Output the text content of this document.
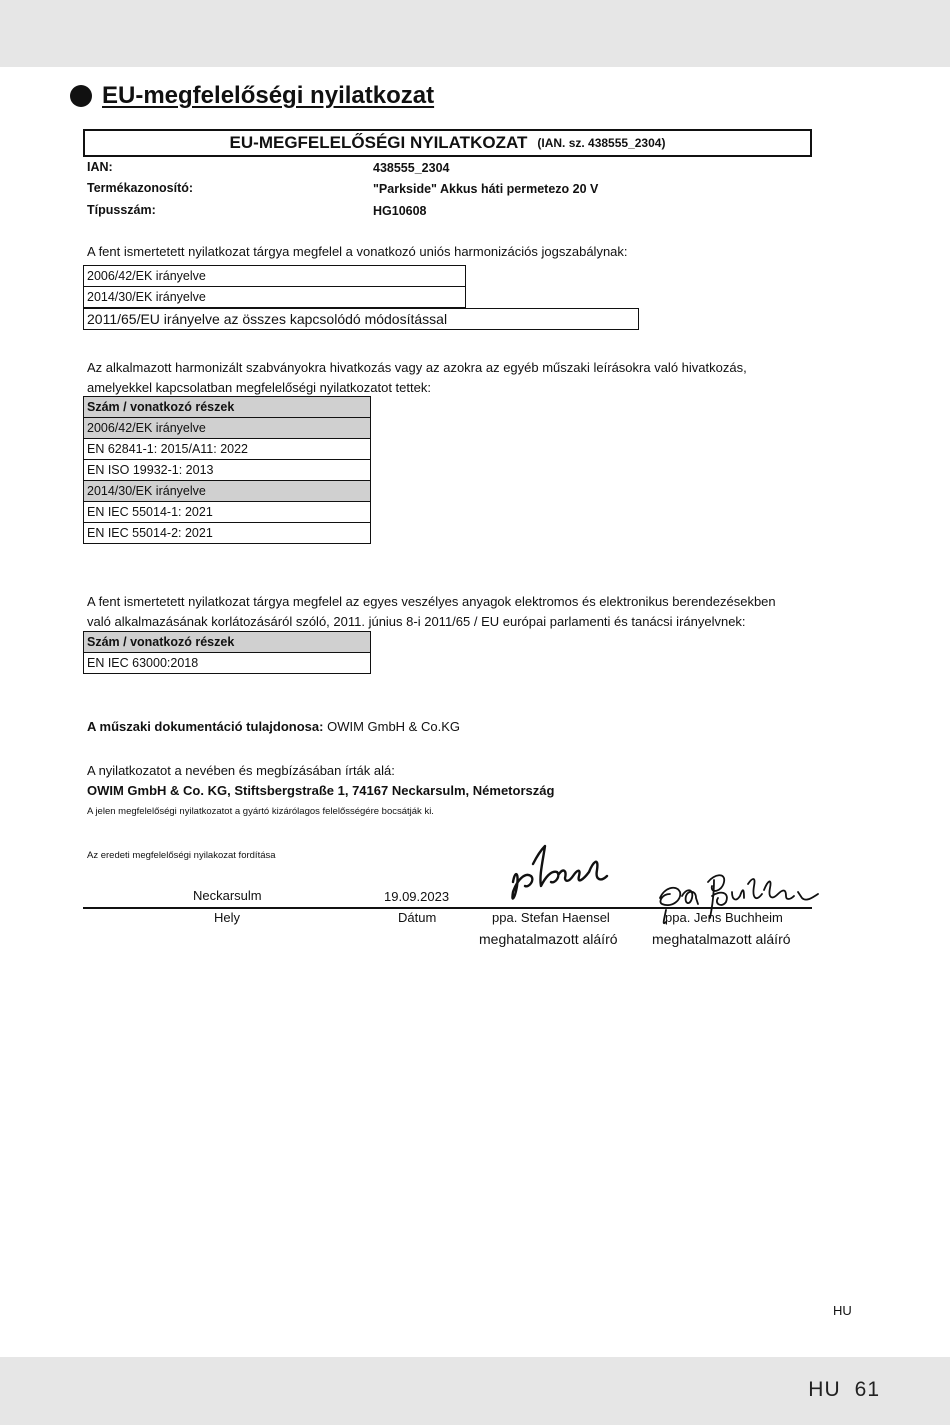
EU-megfelelőségi nyilatkozat
EU-MEGFELELŐSÉGI NYILATKOZAT (IAN. sz. 438555_2304)
IAN:	438555_2304
Termékazonosító:	"Parkside" Akkus háti permetezo 20 V
Típusszám:	HG10608
A fent ismertetett nyilatkozat tárgya megfelel a vonatkozó uniós harmonizációs jogszabálynak:
2006/42/EK irányelve
2014/30/EK irányelve
2011/65/EU irányelve az összes kapcsolódó módosítással
Az alkalmazott harmonizált szabványokra hivatkozás vagy az azokra az egyéb műszaki leírásokra való hivatkozás,
amelyekkel kapcsolatban megfelelőségi nyilatkozatot tettek:
Szám / vonatkozó részek
2006/42/EK irányelve
EN 62841-1: 2015/A11: 2022
EN ISO 19932-1: 2013
2014/30/EK irányelve
EN IEC 55014-1: 2021
EN IEC 55014-2: 2021
A fent ismertetett nyilatkozat tárgya megfelel az egyes veszélyes anyagok elektromos és elektronikus berendezésekben
való alkalmazásának korlátozásáról szóló, 2011. június 8-i 2011/65 / EU európai parlamenti és tanácsi irányelvnek:
Szám / vonatkozó részek
EN IEC 63000:2018
A műszaki dokumentáció tulajdonosa: OWIM GmbH & Co.KG
A nyilatkozatot a nevében és megbízásában írták alá:
OWIM GmbH & Co. KG, Stiftsbergstraße 1, 74167 Neckarsulm, Németország
A jelen megfelelőségi nyilatkozatot a gyártó kizárólagos felelősségére bocsátják ki.
Az eredeti megfelelőségi nyilakozat fordítása
Neckarsulm	19.09.2023
Hely	Dátum	ppa. Stefan Haensel	ppa. Jens Buchheim
meghatalmazott aláíró meghatalmazott aláíró
HU
HU 61
